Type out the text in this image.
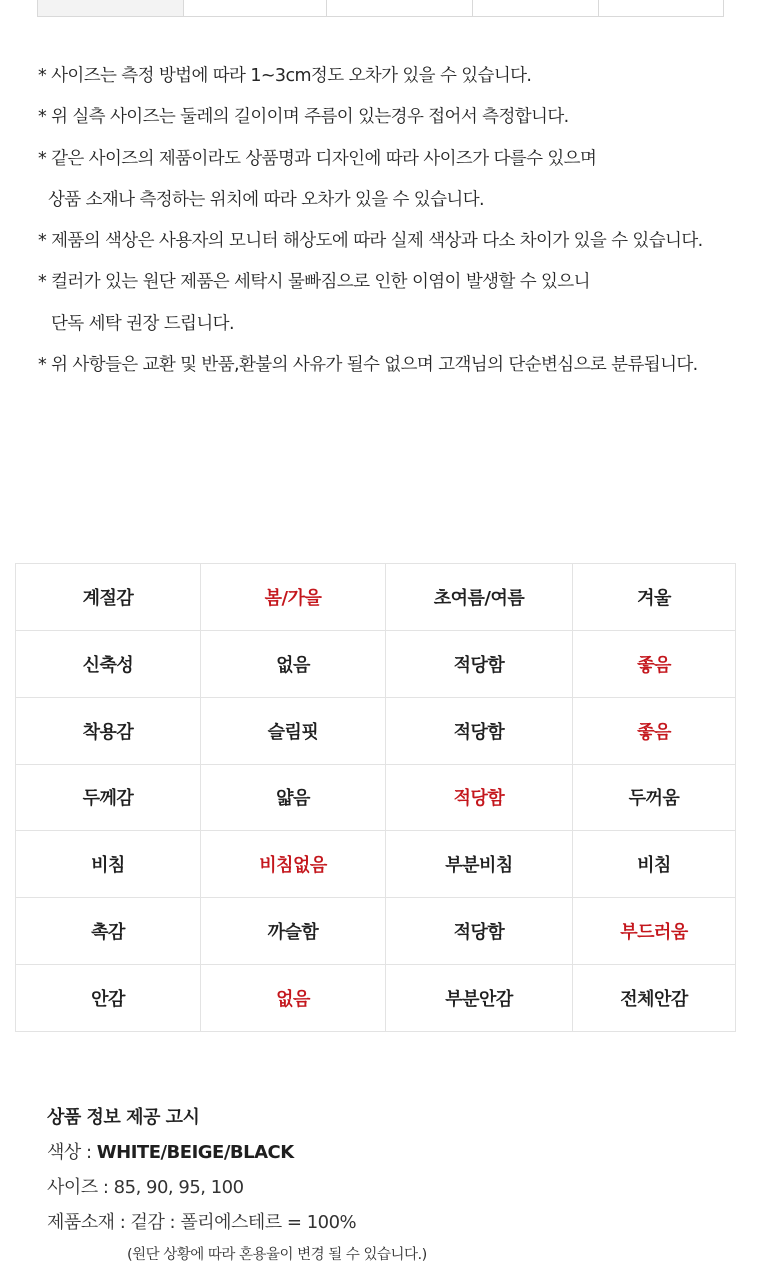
* 사이즈는 측정 방법에 따라 1~3cm정도 오차가 있을 수 있습니다.
* 위 실측 사이즈는 둘레의 길이이며 주름이 있는경우 접어서 측정합니다.
* 같은 사이즈의 제품이라도 상품명과 디자인에 따라 사이즈가 다를수 있으며
상품 소재나 측정하는 위치에 따라 오차가 있을 수 있습니다.
* 제품의 색상은 사용자의 모니터 해상도에 따라 실제 색상과 다소 차이가 있을 수 있습니다.
* 컬러가 있는 원단 제품은 세탁시 물빠짐으로 인한 이염이 발생할 수 있으니
단독 세탁 권장 드립니다.
* 위 사항들은 교환 및 반품,환불의 사유가 될수 없으며 고객님의 단순변심으로 분류됩니다.
계절감	봄/가을	초여름/여름	겨울
신축성	없음	적당함	좋음
착용감	슬림핏	적당함	좋음
두께감	얇음	적당함	두꺼움
비침	비침없음	부분비침	비침
촉감	까슬함	적당함	부드러움
안감	없음	부분안감	전체안감
상품 정보 제공 고시
색상 : WHITE/BEIGE/BLACK
사이즈 : 85, 90, 95, 100
제품소재 : 겉감 : 폴리에스테르 = 100%
(원단 상황에 따라 혼용율이 변경 될 수 있습니다.)
